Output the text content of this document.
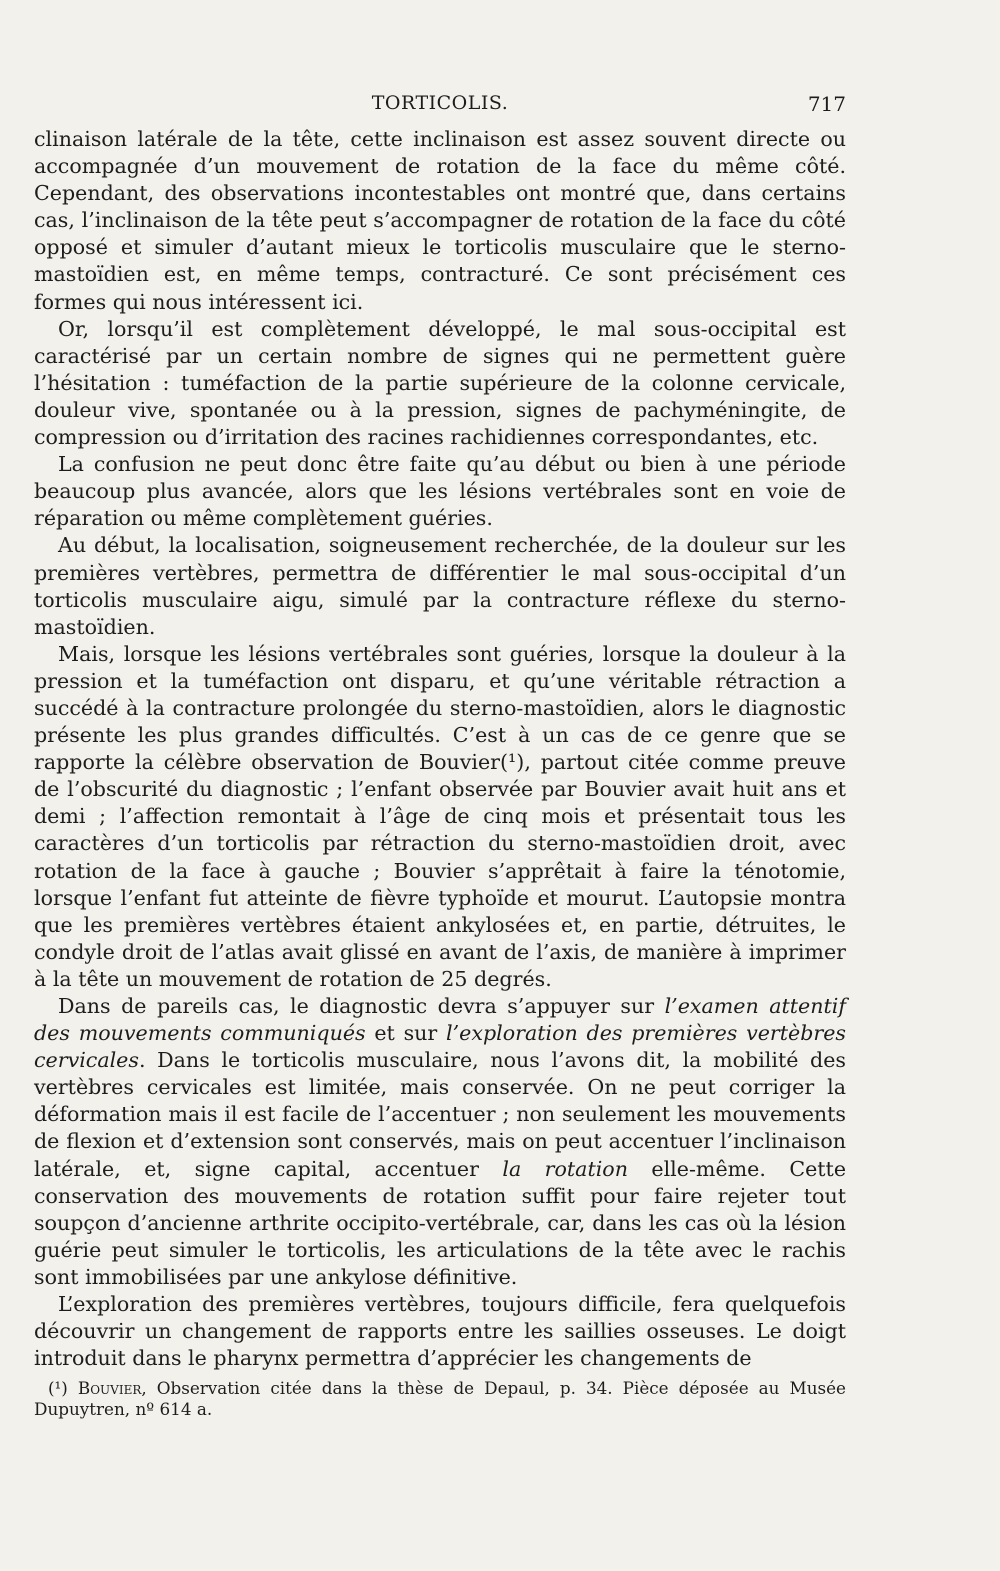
TORTICOLIS.	717

clinaison latérale de la tête, cette inclinaison est assez souvent directe ou accompagnée d’un mouvement de rotation de la face du même côté. Cependant, des observations incontestables ont montré que, dans certains cas, l’inclinaison de la tête peut s’accompagner de rotation de la face du côté opposé et simuler d’autant mieux le torticolis musculaire que le sterno-mastoïdien est, en même temps, contracturé. Ce sont précisément ces formes qui nous intéressent ici.

Or, lorsqu’il est complètement développé, le mal sous-occipital est caractérisé par un certain nombre de signes qui ne permettent guère l’hésitation : tuméfaction de la partie supérieure de la colonne cervicale, douleur vive, spontanée ou à la pression, signes de pachyméningite, de compression ou d’irritation des racines rachidiennes correspondantes, etc.

La confusion ne peut donc être faite qu’au début ou bien à une période beaucoup plus avancée, alors que les lésions vertébrales sont en voie de réparation ou même complètement guéries.

Au début, la localisation, soigneusement recherchée, de la douleur sur les premières vertèbres, permettra de différentier le mal sous-occipital d’un torticolis musculaire aigu, simulé par la contracture réflexe du sterno-mastoïdien.

Mais, lorsque les lésions vertébrales sont guéries, lorsque la douleur à la pression et la tuméfaction ont disparu, et qu’une véritable rétraction a succédé à la contracture prolongée du sterno-mastoïdien, alors le diagnostic présente les plus grandes difficultés. C’est à un cas de ce genre que se rapporte la célèbre observation de Bouvier(¹), partout citée comme preuve de l’obscurité du diagnostic ; l’enfant observée par Bouvier avait huit ans et demi ; l’affection remontait à l’âge de cinq mois et présentait tous les caractères d’un torticolis par rétraction du sterno-mastoïdien droit, avec rotation de la face à gauche ; Bouvier s’apprêtait à faire la ténotomie, lorsque l’enfant fut atteinte de fièvre typhoïde et mourut. L’autopsie montra que les premières vertèbres étaient ankylosées et, en partie, détruites, le condyle droit de l’atlas avait glissé en avant de l’axis, de manière à imprimer à la tête un mouvement de rotation de 25 degrés.

Dans de pareils cas, le diagnostic devra s’appuyer sur l’examen attentif des mouvements communiqués et sur l’exploration des premières vertèbres cervicales. Dans le torticolis musculaire, nous l’avons dit, la mobilité des vertèbres cervicales est limitée, mais conservée. On ne peut corriger la déformation mais il est facile de l’accentuer ; non seulement les mouvements de flexion et d’extension sont conservés, mais on peut accentuer l’inclinaison latérale, et, signe capital, accentuer la rotation elle-même. Cette conservation des mouvements de rotation suffit pour faire rejeter tout soupçon d’ancienne arthrite occipito-vertébrale, car, dans les cas où la lésion guérie peut simuler le torticolis, les articulations de la tête avec le rachis sont immobilisées par une ankylose définitive.

L’exploration des premières vertèbres, toujours difficile, fera quelquefois découvrir un changement de rapports entre les saillies osseuses. Le doigt introduit dans le pharynx permettra d’apprécier les changements de

(¹) Bouvier, Observation citée dans la thèse de Depaul, p. 34. Pièce déposée au Musée Dupuytren, nº 614 a.
